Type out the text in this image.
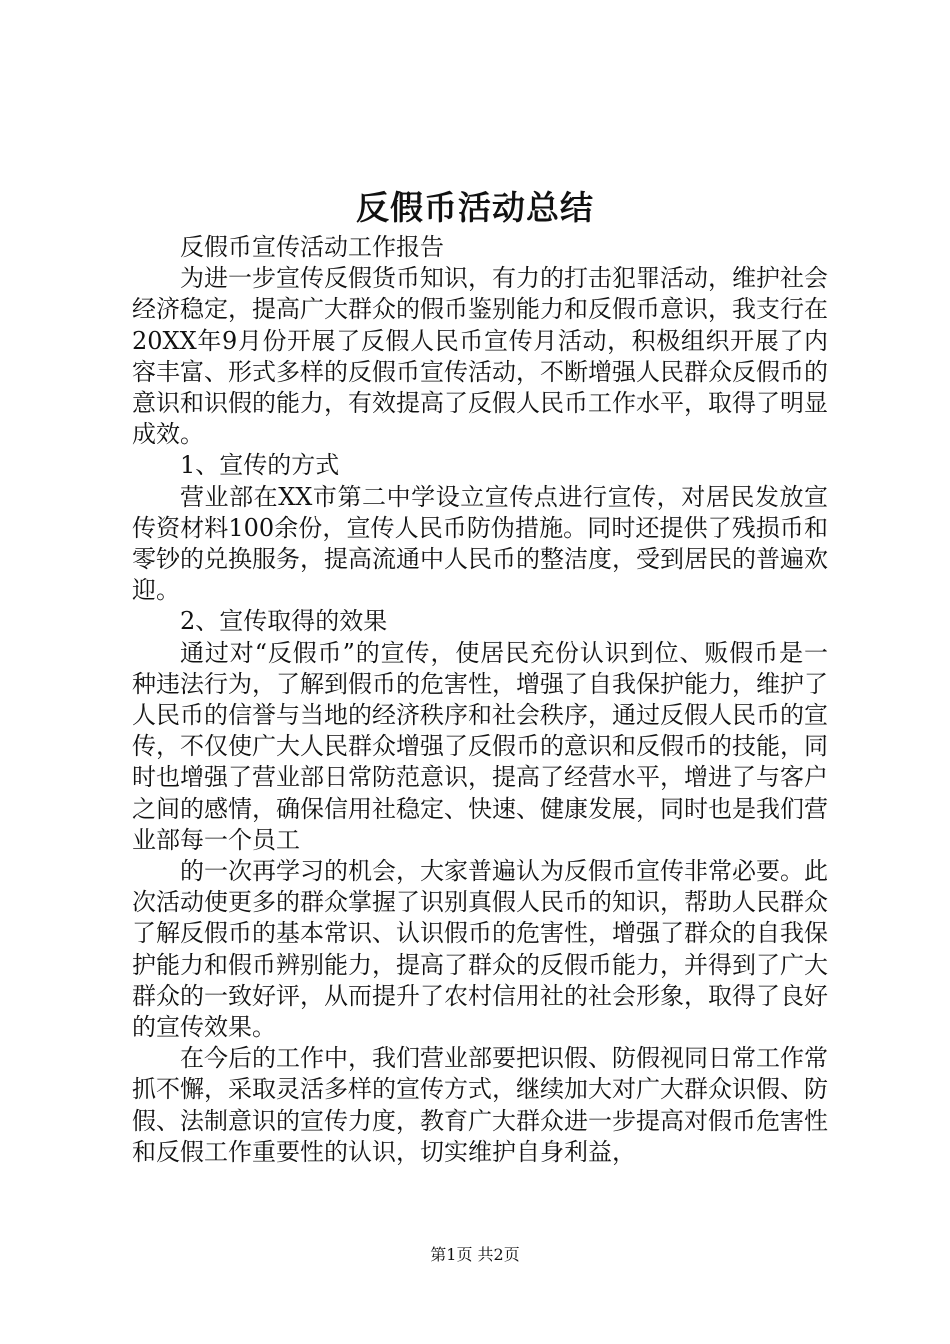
反假币活动总结

反假币宣传活动工作报告

为进一步宣传反假货币知识，有力的打击犯罪活动，维护社会经济稳定，提高广大群众的假币鉴别能力和反假币意识，我支行在20XX年9月份开展了反假人民币宣传月活动，积极组织开展了内容丰富、形式多样的反假币宣传活动，不断增强人民群众反假币的意识和识假的能力，有效提高了反假人民币工作水平，取得了明显成效。

1、宣传的方式

营业部在XX市第二中学设立宣传点进行宣传，对居民发放宣传资材料100余份，宣传人民币防伪措施。同时还提供了残损币和零钞的兑换服务，提高流通中人民币的整洁度，受到居民的普遍欢迎。

2、宣传取得的效果

通过对“反假币”的宣传，使居民充份认识到位、贩假币是一种违法行为，了解到假币的危害性，增强了自我保护能力，维护了人民币的信誉与当地的经济秩序和社会秩序，通过反假人民币的宣传，不仅使广大人民群众增强了反假币的意识和反假币的技能，同时也增强了营业部日常防范意识，提高了经营水平，增进了与客户之间的感情，确保信用社稳定、快速、健康发展，同时也是我们营业部每一个员工

的一次再学习的机会，大家普遍认为反假币宣传非常必要。此次活动使更多的群众掌握了识别真假人民币的知识，帮助人民群众了解反假币的基本常识、认识假币的危害性，增强了群众的自我保护能力和假币辨别能力，提高了群众的反假币能力，并得到了广大群众的一致好评，从而提升了农村信用社的社会形象，取得了良好的宣传效果。

在今后的工作中，我们营业部要把识假、防假视同日常工作常抓不懈，采取灵活多样的宣传方式，继续加大对广大群众识假、防假、法制意识的宣传力度，教育广大群众进一步提高对假币危害性和反假工作重要性的认识，切实维护自身利益，

第1页 共2页
